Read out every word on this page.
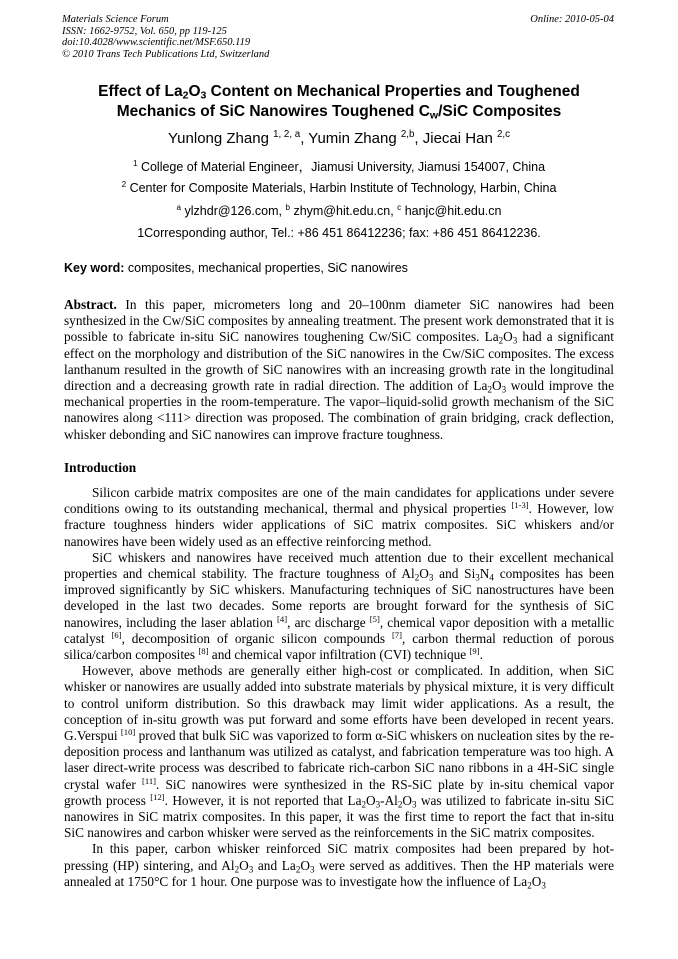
Materials Science Forum
ISSN: 1662-9752, Vol. 650, pp 119-125
doi:10.4028/www.scientific.net/MSF.650.119
© 2010 Trans Tech Publications Ltd, Switzerland
Online: 2010-05-04
Effect of $La_2O_3$ Content on Mechanical Properties and Toughened
Mechanics of SiC Nanowires Toughened $C_w$/SiC Composites
Yunlong Zhang $^{1, 2, a}$, Yumin Zhang $^{2,b}$, Jiecai Han $^{2,c}$
$^1$ College of Material Engineer，Jiamusi University, Jiamusi 154007, China
$^2$ Center for Composite Materials, Harbin Institute of Technology, Harbin, China
$^a$ ylzhdr@126.com, $^b$ zhym@hit.edu.cn, $^c$ hanjc@hit.edu.cn
1Corresponding author, Tel.: +86 451 86412236; fax: +86 451 86412236.
Key word: composites, mechanical properties, SiC nanowires

Abstract. In this paper, micrometers long and 20–100nm diameter SiC nanowires had been synthesized in the Cw/SiC composites by annealing treatment. The present work demonstrated that it is possible to fabricate in-situ SiC nanowires toughening Cw/SiC composites. $La_2O_3$ had a significant effect on the morphology and distribution of the SiC nanowires in the Cw/SiC composites. The excess lanthanum resulted in the growth of SiC nanowires with an increasing growth rate in the longitudinal direction and a decreasing growth rate in radial direction. The addition of $La_2O_3$ would improve the mechanical properties in the room-temperature. The vapor–liquid-solid growth mechanism of the SiC nanowires along <111> direction was proposed. The combination of grain bridging, crack deflection, whisker debonding and SiC nanowires can improve fracture toughness.

Introduction

Silicon carbide matrix composites are one of the main candidates for applications under severe conditions owing to its outstanding mechanical, thermal and physical properties [1-3]. However, low fracture toughness hinders wider applications of SiC matrix composites. SiC whiskers and/or nanowires have been widely used as an effective reinforcing method.

SiC whiskers and nanowires have received much attention due to their excellent mechanical properties and chemical stability. The fracture toughness of $Al_2O_3$ and $Si_3N_4$ composites has been improved significantly by SiC whiskers. Manufacturing techniques of SiC nanostructures have been developed in the last two decades. Some reports are brought forward for the synthesis of SiC nanowires, including the laser ablation [4], arc discharge [5], chemical vapor deposition with a metallic catalyst [6], decomposition of organic silicon compounds [7], carbon thermal reduction of porous silica/carbon composites [8] and chemical vapor infiltration (CVI) technique [9].

However, above methods are generally either high-cost or complicated. In addition, when SiC whisker or nanowires are usually added into substrate materials by physical mixture, it is very difficult to control uniform distribution. So this drawback may limit wider applications. As a result, the conception of in-situ growth was put forward and some efforts have been developed in recent years. G.Verspui [10] proved that bulk SiC was vaporized to form α-SiC whiskers on nucleation sites by the re-deposition process and lanthanum was utilized as catalyst, and fabrication temperature was too high. A laser direct-write process was described to fabricate rich-carbon SiC nano ribbons in a 4H-SiC single crystal wafer [11]. SiC nanowires were synthesized in the RS-SiC plate by in-situ chemical vapor growth process [12]. However, it is not reported that $La_2O_3-Al_2O_3$ was utilized to fabricate in-situ SiC nanowires in SiC matrix composites. In this paper, it was the first time to report the fact that in-situ SiC nanowires and carbon whisker were served as the reinforcements in the SiC matrix composites.

In this paper, carbon whisker reinforced SiC matrix composites had been prepared by hot-pressing (HP) sintering, and $Al_2O_3$ and $La_2O_3$ were served as additives. Then the HP materials were annealed at 1750°C for 1 hour. One purpose was to investigate how the influence of $La_2O_3$
